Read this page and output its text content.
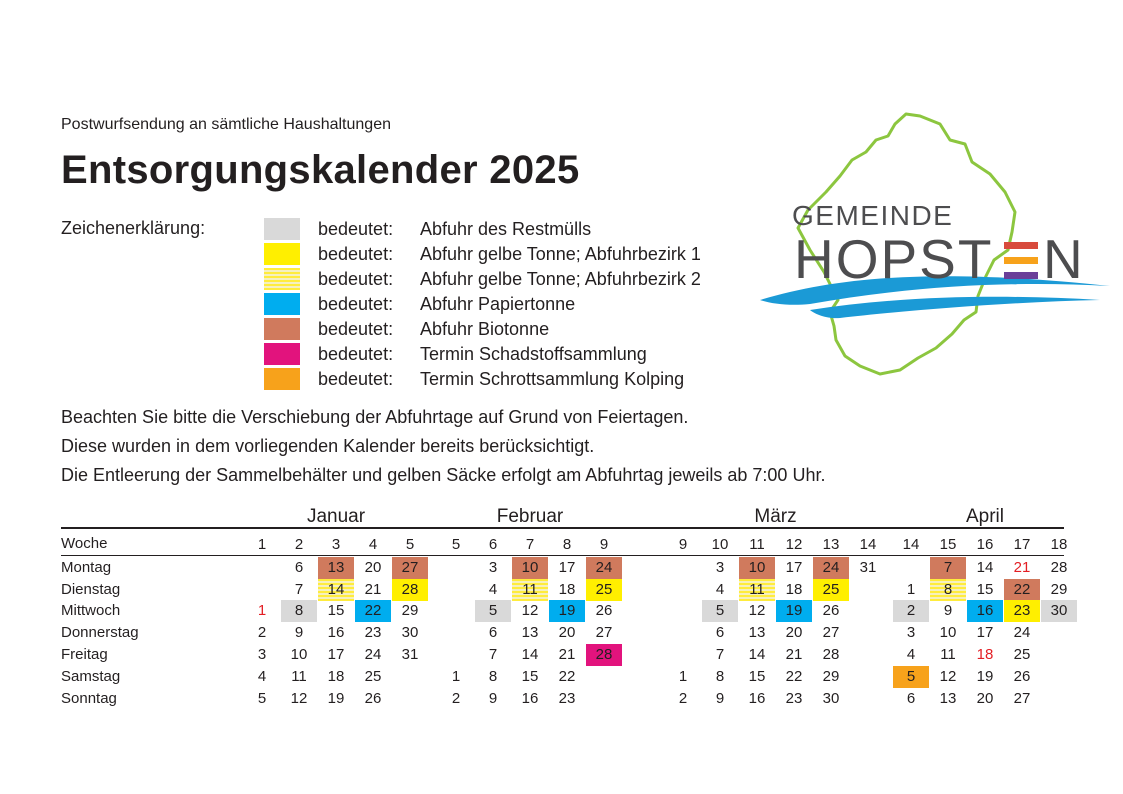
Postwurfsendung an sämtliche Haushaltungen
Entsorgungskalender 2025
Zeichenerklärung:	bedeutet: Abfuhr des Restmülls
bedeutet: Abfuhr gelbe Tonne; Abfuhrbezirk 1
bedeutet: Abfuhr gelbe Tonne; Abfuhrbezirk 2
bedeutet: Abfuhr Papiertonne
bedeutet: Abfuhr Biotonne
bedeutet: Termin Schadstoffsammlung
bedeutet: Termin Schrottsammlung Kolping
Beachten Sie bitte die Verschiebung der Abfuhrtage auf Grund von Feiertagen.
Diese wurden in dem vorliegenden Kalender bereits berücksichtigt.
Die Entleerung der Sammelbehälter und gelben Säcke erfolgt am Abfuhrtag jeweils ab 7:00 Uhr.
GEMEINDE
HOPST N
Woche
Montag
Dienstag
Mittwoch
Donnerstag
Freitag
Samstag
Sonntag
1
1
2
3
4
5
2
6
7
8
9
10
11
12
3
13
14
15
16
17
18
19
4
20
21
22
23
24
25
26
5
27
28
29
30
31
Januar
5
1
2
6
3
4
5
6
7
8
9
7
10
11
12
13
14
15
16
8
17
18
19
20
21
22
23
9
24
25
26
27
28
Februar
9
1
2
10
3
4
5
6
7
8
9
11
10
11
12
13
14
15
16
12
17
18
19
20
21
22
23
13
24
25
26
27
28
29
30
14
31
März
14
1
2
3
4
5
6
15
7
8
9
10
11
12
13
16
14
15
16
17
18
19
20
17
21
22
23
24
25
26
27
18
28
29
30
April
